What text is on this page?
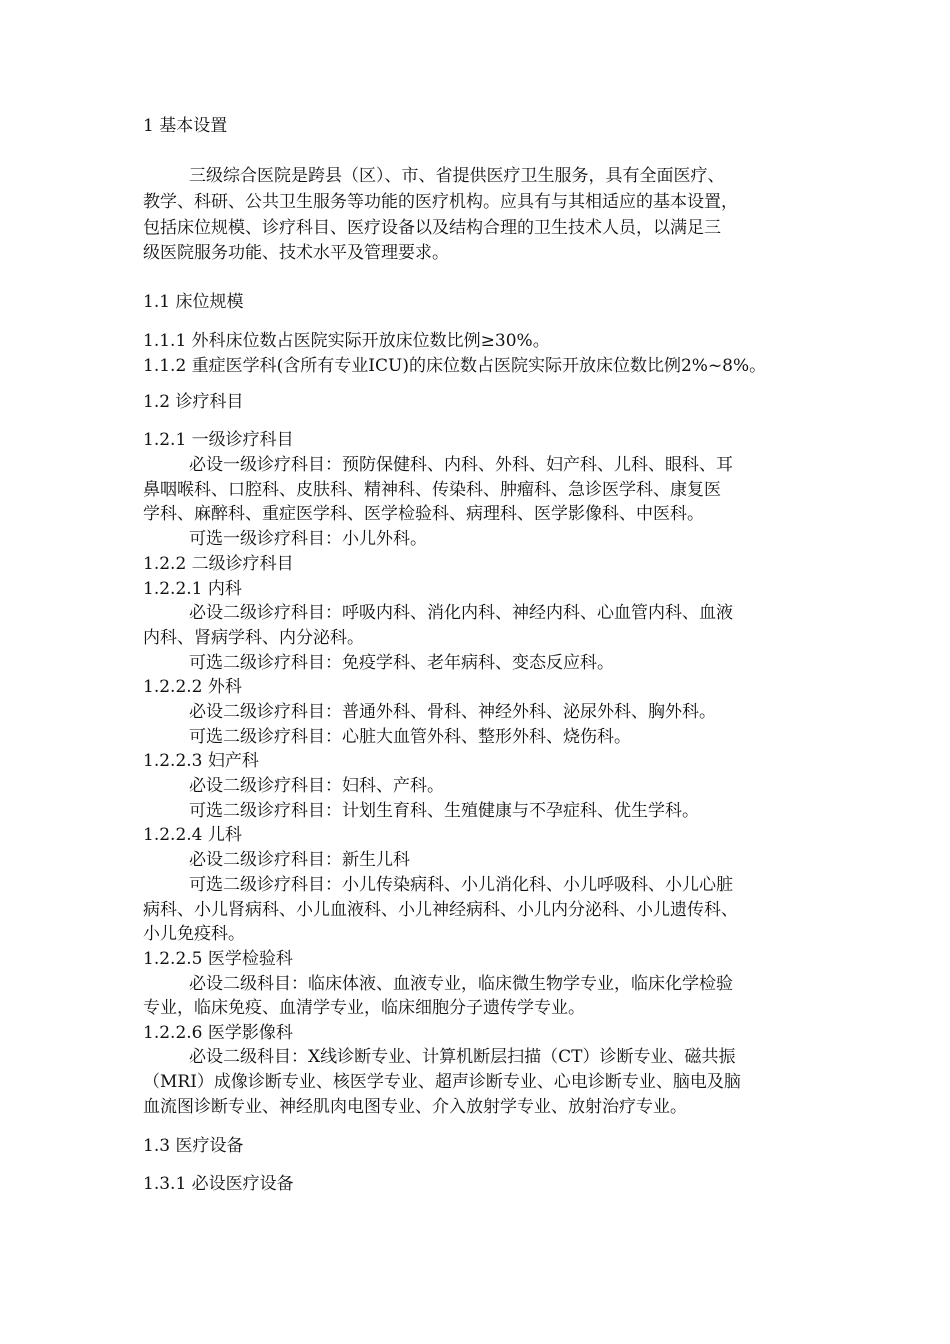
1 基本设置
三级综合医院是跨县（区）、市、省提供医疗卫生服务，具有全面医疗、
教学、科研、公共卫生服务等功能的医疗机构。应具有与其相适应的基本设置，
包括床位规模、诊疗科目、医疗设备以及结构合理的卫生技术人员，以满足三
级医院服务功能、技术水平及管理要求。
1.1 床位规模
1.1.1 外科床位数占医院实际开放床位数比例≥30%。
1.1.2 重症医学科(含所有专业ICU)的床位数占医院实际开放床位数比例2%~8%。
1.2 诊疗科目
1.2.1 一级诊疗科目
必设一级诊疗科目：预防保健科、内科、外科、妇产科、儿科、眼科、耳
鼻咽喉科、口腔科、皮肤科、精神科、传染科、肿瘤科、急诊医学科、康复医
学科、麻醉科、重症医学科、医学检验科、病理科、医学影像科、中医科。
可选一级诊疗科目：小儿外科。
1.2.2 二级诊疗科目
1.2.2.1 内科
必设二级诊疗科目：呼吸内科、消化内科、神经内科、心血管内科、血液
内科、肾病学科、内分泌科。
可选二级诊疗科目：免疫学科、老年病科、变态反应科。
1.2.2.2 外科
必设二级诊疗科目：普通外科、骨科、神经外科、泌尿外科、胸外科。
可选二级诊疗科目：心脏大血管外科、整形外科、烧伤科。
1.2.2.3 妇产科
必设二级诊疗科目：妇科、产科。
可选二级诊疗科目：计划生育科、生殖健康与不孕症科、优生学科。
1.2.2.4 儿科
必设二级诊疗科目：新生儿科
可选二级诊疗科目：小儿传染病科、小儿消化科、小儿呼吸科、小儿心脏
病科、小儿肾病科、小儿血液科、小儿神经病科、小儿内分泌科、小儿遗传科、
小儿免疫科。
1.2.2.5 医学检验科
必设二级科目：临床体液、血液专业，临床微生物学专业，临床化学检验
专业，临床免疫、血清学专业，临床细胞分子遗传学专业。
1.2.2.6 医学影像科
必设二级科目：X线诊断专业、计算机断层扫描（CT）诊断专业、磁共振
（MRI）成像诊断专业、核医学专业、超声诊断专业、心电诊断专业、脑电及脑
血流图诊断专业、神经肌肉电图专业、介入放射学专业、放射治疗专业。
1.3 医疗设备
1.3.1 必设医疗设备
